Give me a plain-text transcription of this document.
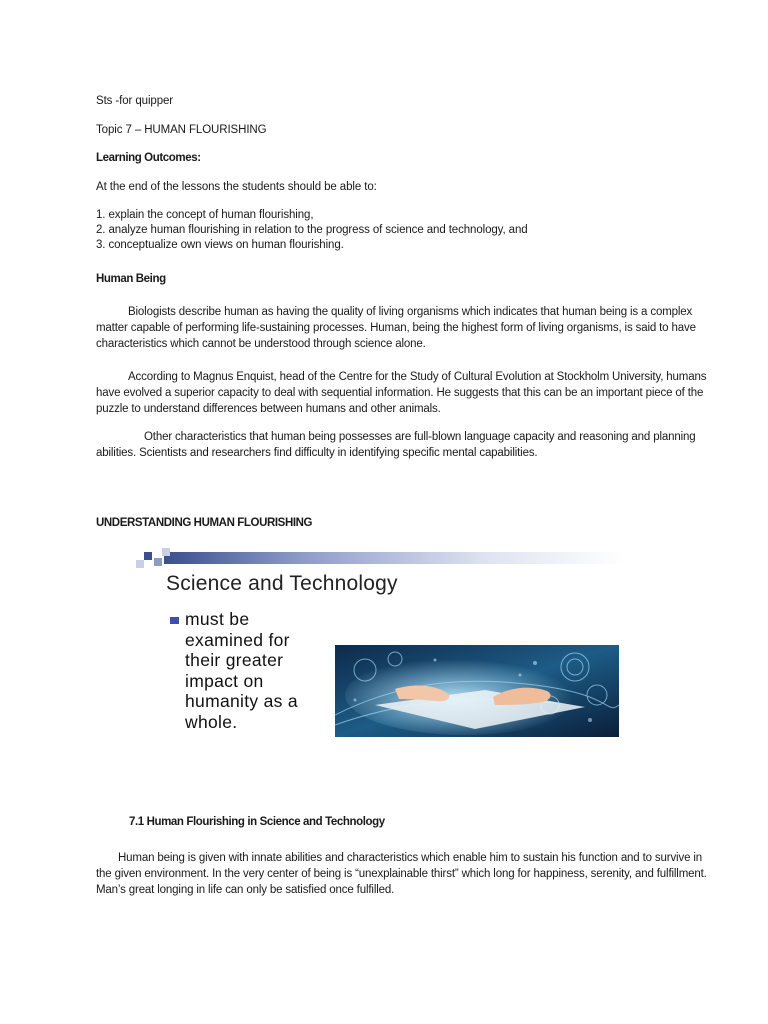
Sts -for quipper
Topic 7 – HUMAN FLOURISHING
Learning Outcomes:
At the end of the lessons the students should be able to:
1. explain the concept of human flourishing,
2. analyze human flourishing in relation to the progress of science and technology, and
3. conceptualize own views on human flourishing.
Human Being
Biologists describe human as having the quality of living organisms which indicates that human being is a complex
matter capable of performing life-sustaining processes. Human, being the highest form of living organisms, is said to have
characteristics which cannot be understood through science alone.
According to Magnus Enquist, head of the Centre for the Study of Cultural Evolution at Stockholm University, humans
have evolved a superior capacity to deal with sequential information. He suggests that this can be an important piece of the
puzzle to understand differences between humans and other animals.
Other characteristics that human being possesses are full-blown language capacity and reasoning and planning
abilities. Scientists and researchers find difficulty in identifying specific mental capabilities.
UNDERSTANDING HUMAN FLOURISHING
Science and Technology
must be
examined for
their greater
impact on
humanity as a
whole.
7.1 Human Flourishing in Science and Technology
Human being is given with innate abilities and characteristics which enable him to sustain his function and to survive in
the given environment. In the very center of being is “unexplainable thirst” which long for happiness, serenity, and fulfillment.
Man’s great longing in life can only be satisfied once fulfilled.
